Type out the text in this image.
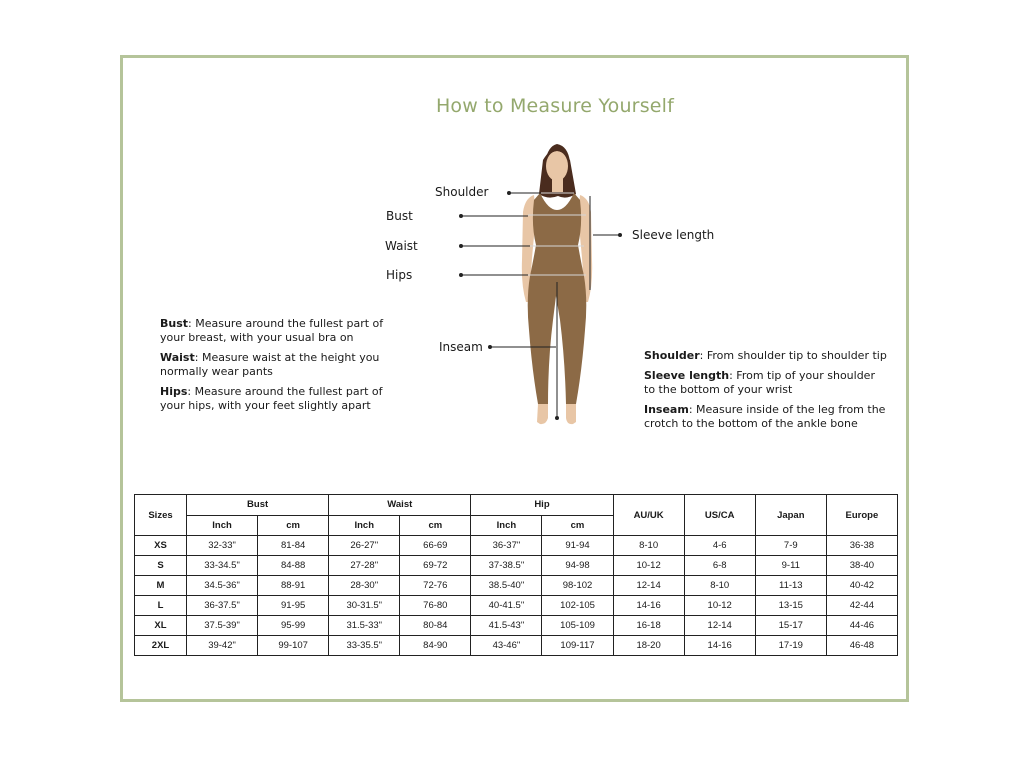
How to Measure Yourself
Shoulder
Bust
Waist
Hips
Inseam
Sleeve length

Bust: Measure around the fullest part of your breast, with your usual bra on

Waist: Measure waist at the height you normally wear pants

Hips: Measure around the fullest part of your hips, with your feet slightly apart

Shoulder: From shoulder tip to shoulder tip

Sleeve length: From tip of your shoulder to the bottom of your wrist

Inseam: Measure inside of the leg from the crotch to the bottom of the ankle bone

Sizes	Bust		Waist		Hip		AU/UK	US/CA	Japan	Europe
	Inch	cm	Inch	cm	Inch	cm				
XS	32-33"	81-84	26-27"	66-69	36-37"	91-94	8-10	4-6	7-9	36-38
S	33-34.5"	84-88	27-28"	69-72	37-38.5"	94-98	10-12	6-8	9-11	38-40
M	34.5-36"	88-91	28-30"	72-76	38.5-40"	98-102	12-14	8-10	11-13	40-42
L	36-37.5"	91-95	30-31.5"	76-80	40-41.5"	102-105	14-16	10-12	13-15	42-44
XL	37.5-39"	95-99	31.5-33"	80-84	41.5-43"	105-109	16-18	12-14	15-17	44-46
2XL	39-42"	99-107	33-35.5"	84-90	43-46"	109-117	18-20	14-16	17-19	46-48
